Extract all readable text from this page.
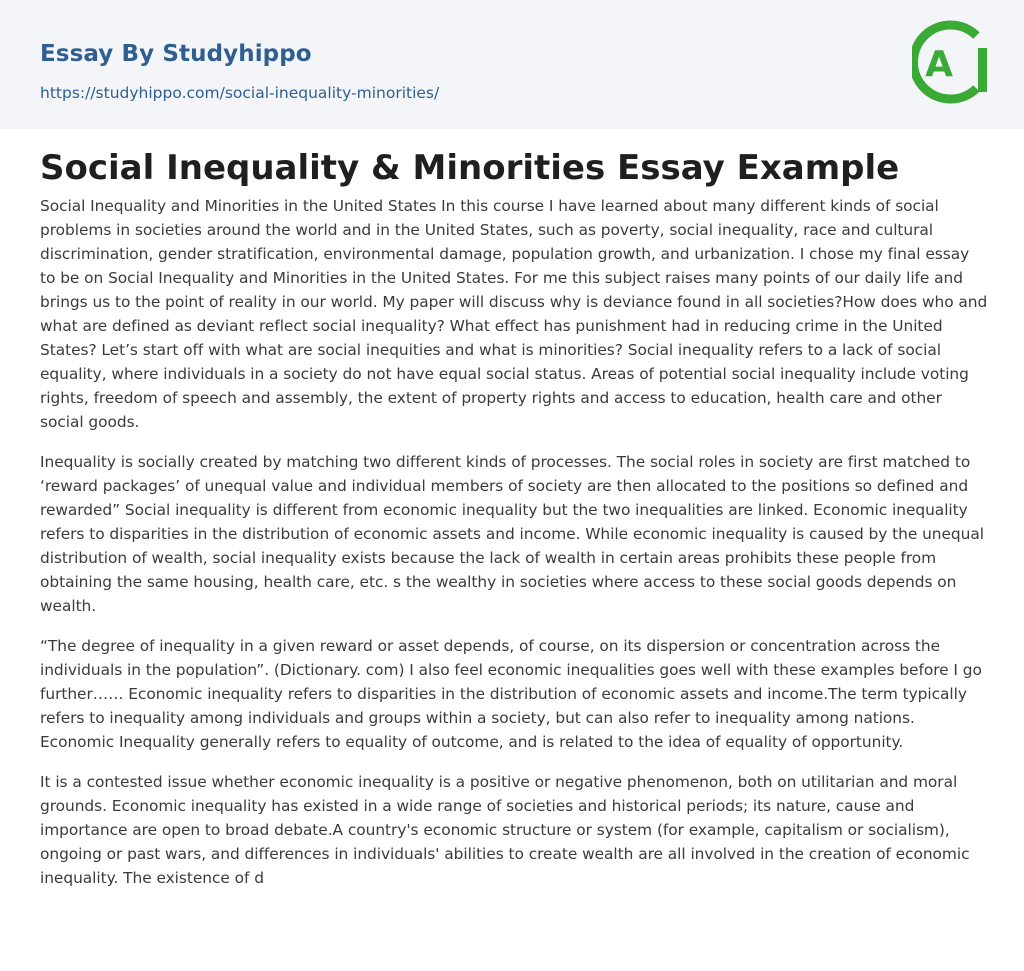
Essay By Studyhippo
https://studyhippo.com/social-inequality-minorities/
A
Social Inequality & Minorities Essay Example

Social Inequality and Minorities in the United States In this course I have learned about many different kinds of social problems in societies around the world and in the United States, such as poverty, social inequality, race and cultural discrimination, gender stratification, environmental damage, population growth, and urbanization. I chose my final essay to be on Social Inequality and Minorities in the United States. For me this subject raises many points of our daily life and brings us to the point of reality in our world. My paper will discuss why is deviance found in all societies?How does who and what are defined as deviant reflect social inequality? What effect has punishment had in reducing crime in the United States? Let’s start off with what are social inequities and what is minorities? Social inequality refers to a lack of social equality, where individuals in a society do not have equal social status. Areas of potential social inequality include voting rights, freedom of speech and assembly, the extent of property rights and access to education, health care and other social goods.

Inequality is socially created by matching two different kinds of processes. The social roles in society are first matched to ‘reward packages’ of unequal value and individual members of society are then allocated to the positions so defined and rewarded” Social inequality is different from economic inequality but the two inequalities are linked. Economic inequality refers to disparities in the distribution of economic assets and income. While economic inequality is caused by the unequal distribution of wealth, social inequality exists because the lack of wealth in certain areas prohibits these people from obtaining the same housing, health care, etc. s the wealthy in societies where access to these social goods depends on wealth.

“The degree of inequality in a given reward or asset depends, of course, on its dispersion or concentration across the individuals in the population”. (Dictionary. com) I also feel economic inequalities goes well with these examples before I go further…… Economic inequality refers to disparities in the distribution of economic assets and income.The term typically refers to inequality among individuals and groups within a society, but can also refer to inequality among nations. Economic Inequality generally refers to equality of outcome, and is related to the idea of equality of opportunity.

It is a contested issue whether economic inequality is a positive or negative phenomenon, both on utilitarian and moral grounds. Economic inequality has existed in a wide range of societies and historical periods; its nature, cause and importance are open to broad debate.A country's economic structure or system (for example, capitalism or socialism), ongoing or past wars, and differences in individuals' abilities to create wealth are all involved in the creation of economic inequality. The existence of d
